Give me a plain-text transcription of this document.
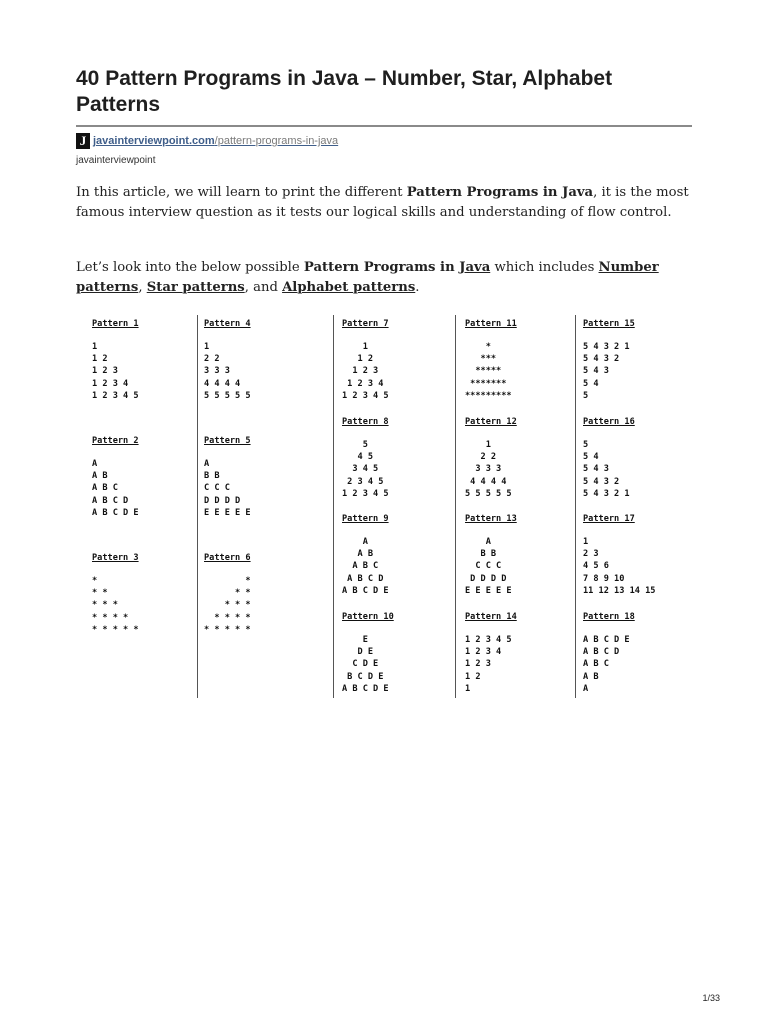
40 Pattern Programs in Java – Number, Star, Alphabet Patterns
J javainterviewpoint.com/pattern-programs-in-java
javainterviewpoint

In this article, we will learn to print the different Pattern Programs in Java, it is the most famous interview question as it tests our logical skills and understanding of flow control.

Let’s look into the below possible Pattern Programs in Java which includes Number patterns, Star patterns, and Alphabet patterns.

Pattern 1
1
1 2
1 2 3
1 2 3 4
1 2 3 4 5
Pattern 2
A
A B
A B C
A B C D
A B C D E
Pattern 3
*
* *
* * *
* * * *
* * * * *
Pattern 4
1
2 2
3 3 3
4 4 4 4
5 5 5 5 5
Pattern 5
A
B B
C C C
D D D D
E E E E E
Pattern 6
*
* *
* * *
* * * *
* * * * *
Pattern 7
1
1 2
1 2 3
1 2 3 4
1 2 3 4 5
Pattern 8
5
4 5
3 4 5
2 3 4 5
1 2 3 4 5
Pattern 9
A
A B
A B C
A B C D
A B C D E
Pattern 10
E
D E
C D E
B C D E
A B C D E
Pattern 11
*
***
*****
*******
*********
Pattern 12
1
2 2
3 3 3
4 4 4 4
5 5 5 5 5
Pattern 13
A
B B
C C C
D D D D
E E E E E
Pattern 14
1 2 3 4 5
1 2 3 4
1 2 3
1 2
1
Pattern 15
5 4 3 2 1
5 4 3 2
5 4 3
5 4
5
Pattern 16
5
5 4
5 4 3
5 4 3 2
5 4 3 2 1
Pattern 17
1
2 3
4 5 6
7 8 9 10
11 12 13 14 15
Pattern 18
A B C D E
A B C D
A B C
A B
A
1/33
